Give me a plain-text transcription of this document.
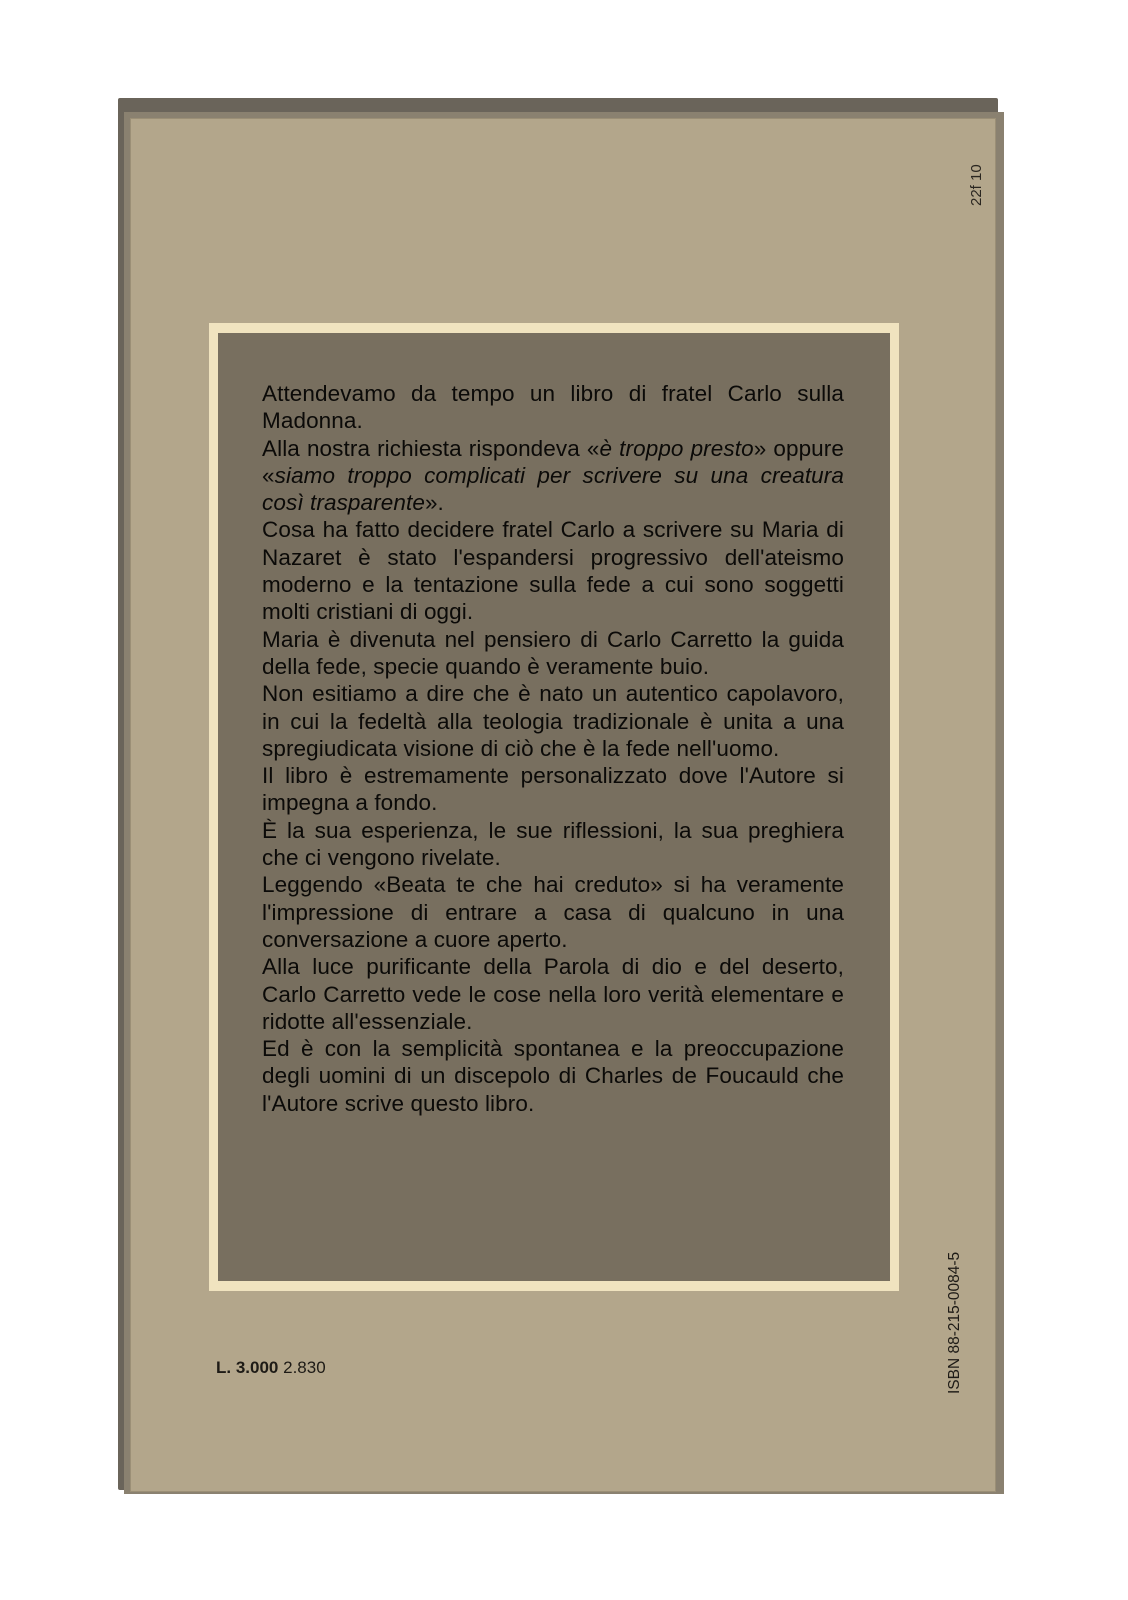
22f 10

Attendevamo da tempo un libro di fratel Carlo sulla Madonna.

Alla nostra richiesta rispondeva «è troppo presto» oppure «siamo troppo complicati per scrivere su una creatura così trasparente».

Cosa ha fatto decidere fratel Carlo a scrivere su Maria di Nazaret è stato l'espandersi progressivo dell'ateismo moderno e la tentazione sulla fede a cui sono soggetti molti cristiani di oggi.

Maria è divenuta nel pensiero di Carlo Carretto la guida della fede, specie quando è veramente buio.

Non esitiamo a dire che è nato un autentico capolavoro, in cui la fedeltà alla teologia tradizionale è unita a una spregiudicata visione di ciò che è la fede nell'uomo.

Il libro è estremamente personalizzato dove l'Autore si impegna a fondo.

È la sua esperienza, le sue riflessioni, la sua preghiera che ci vengono rivelate.

Leggendo «Beata te che hai creduto» si ha veramente l'impressione di entrare a casa di qualcuno in una conversazione a cuore aperto.

Alla luce purificante della Parola di dio e del deserto, Carlo Carretto vede le cose nella loro verità elementare e ridotte all'essenziale.

Ed è con la semplicità spontanea e la preoccupazione degli uomini di un discepolo di Charles de Foucauld che l'Autore scrive questo libro.

L. 3.000 2.830	ISBN 88-215-0084-5
